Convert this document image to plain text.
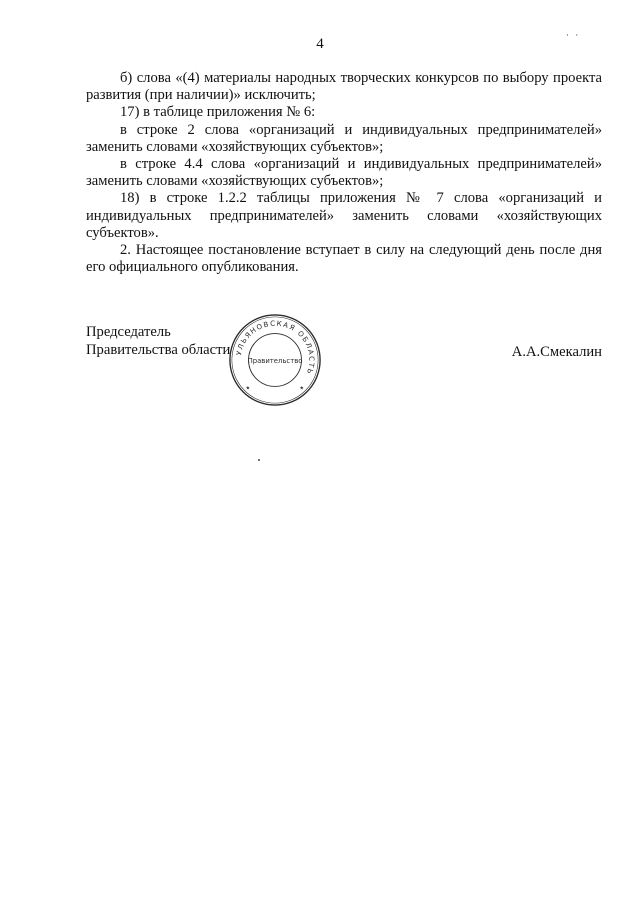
4
· ·

б) слова «(4) материалы народных творческих конкурсов по выбору проекта развития (при наличии)» исключить;

17) в таблице приложения № 6:

в строке 2 слова «организаций и индивидуальных предпринимателей» заменить словами «хозяйствующих субъектов»;

в строке 4.4 слова «организаций и индивидуальных предпринимателей» заменить словами «хозяйствующих субъектов»;

18) в строке 1.2.2 таблицы приложения № 7 слова «организаций и индивидуальных предпринимателей» заменить словами «хозяйствующих субъектов».

2. Настоящее постановление вступает в силу на следующий день после дня его официального опубликования.

Председатель
Правительства области	А.А.Смекалин
УЛЬЯНОВСКАЯ ОБЛАСТЬ
Правительство
★	★
